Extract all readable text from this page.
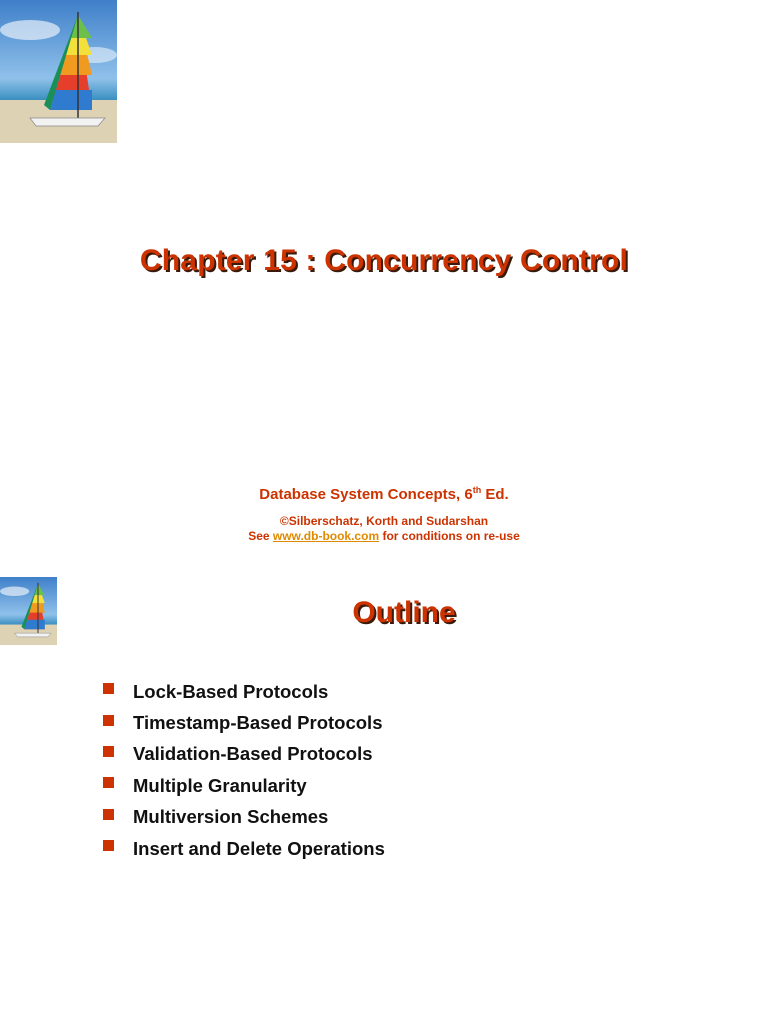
Chapter 15 : Concurrency Control
Database System Concepts, 6th Ed.
©Silberschatz, Korth and Sudarshan
See www.db-book.com for conditions on re-use
Outline
Lock-Based Protocols
Timestamp-Based Protocols
Validation-Based Protocols
Multiple Granularity
Multiversion Schemes
Insert and Delete Operations
